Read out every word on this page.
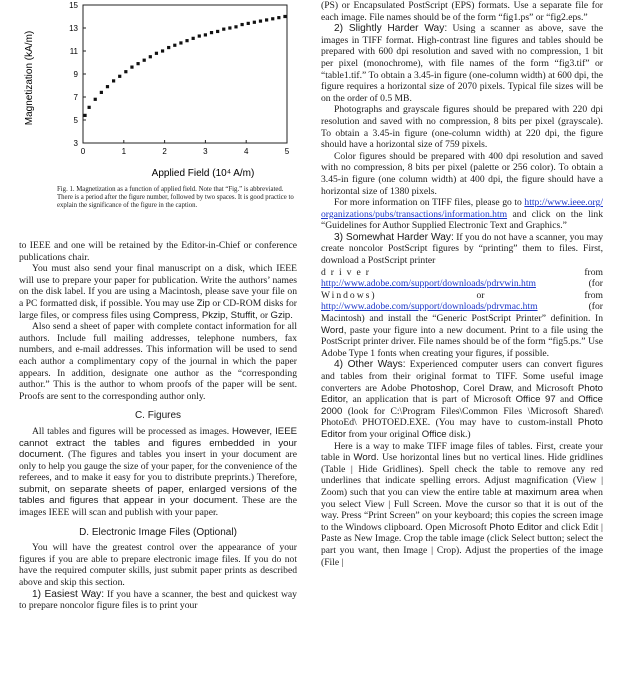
0	1	2	3	4	5
3
5
7
9
11
13
15
Magnetization (kA/m)
Applied Field (10⁴ A/m)
Fig. 1. Magnetization as a function of applied field. Note that “Fig.” is abbreviated. There is a period after the figure number, followed by two spaces. It is good practice to explain the significance of the figure in the caption.

to IEEE and one will be retained by the Editor-in-Chief or conference publications chair.

You must also send your final manuscript on a disk, which IEEE will use to prepare your paper for publication. Write the authors’ names on the disk label. If you are using a Macintosh, please save your file on a PC formatted disk, if possible. You may use Zip or CD-ROM disks for large files, or compress files using Compress, Pkzip, Stuffit, or Gzip.

Also send a sheet of paper with complete contact information for all authors. Include full mailing addresses, telephone numbers, fax numbers, and e-mail addresses. This information will be used to send each author a complimentary copy of the journal in which the paper appears. In addition, designate one author as the “corresponding author.” This is the author to whom proofs of the paper will be sent. Proofs are sent to the corresponding author only.

C. Figures

All tables and figures will be processed as images. However, IEEE cannot extract the tables and figures embedded in your document. (The figures and tables you insert in your document are only to help you gauge the size of your paper, for the convenience of the referees, and to make it easy for you to distribute preprints.) Therefore, submit, on separate sheets of paper, enlarged versions of the tables and figures that appear in your document. These are the images IEEE will scan and publish with your paper.

D. Electronic Image Files (Optional)

You will have the greatest control over the appearance of your figures if you are able to prepare electronic image files. If you do not have the required computer skills, just submit paper prints as described above and skip this section.

1) Easiest Way: If you have a scanner, the best and quickest way to prepare noncolor figure files is to print your

(PS) or Encapsulated PostScript (EPS) formats. Use a separate file for each image. File names should be of the form “fig1.ps” or “fig2.eps.”

2) Slightly Harder Way: Using a scanner as above, save the images in TIFF format. High-contrast line figures and tables should be prepared with 600 dpi resolution and saved with no compression, 1 bit per pixel (monochrome), with file names of the form “fig3.tif” or “table1.tif.” To obtain a 3.45-in figure (one-column width) at 600 dpi, the figure requires a horizontal size of 2070 pixels. Typical file sizes will be on the order of 0.5 MB.

Photographs and grayscale figures should be prepared with 220 dpi resolution and saved with no compression, 8 bits per pixel (grayscale). To obtain a 3.45-in figure (one-column width) at 220 dpi, the figure should have a horizontal size of 759 pixels.

Color figures should be prepared with 400 dpi resolution and saved with no compression, 8 bits per pixel (palette or 256 color). To obtain a 3.45-in figure (one column width) at 400 dpi, the figure should have a horizontal size of 1380 pixels.

For more information on TIFF files, please go to http://www.ieee.org/organizations/pubs/transactions/information.htm and click on the link “Guidelines for Author Supplied Electronic Text and Graphics.”

3) Somewhat Harder Way: If you do not have a scanner, you may create noncolor PostScript figures by “printing” them to files. First, download a PostScript printer

driver	from
http://www.adobe.com/support/downloads/pdrvwin.htm	(for
Windows)	or	from
http://www.adobe.com/support/downloads/pdrvmac.htm	(for

Macintosh) and install the “Generic PostScript Printer” definition. In Word, paste your figure into a new document. Print to a file using the PostScript printer driver. File names should be of the form “fig5.ps.” Use Adobe Type 1 fonts when creating your figures, if possible.

4) Other Ways: Experienced computer users can convert figures and tables from their original format to TIFF. Some useful image converters are Adobe Photoshop, Corel Draw, and Microsoft Photo Editor, an application that is part of Microsoft Office 97 and Office 2000 (look for C:\Program Files\Common Files \Microsoft Shared\ PhotoEd\ PHOTOED.EXE. (You may have to custom-install Photo Editor from your original Office disk.)

Here is a way to make TIFF image files of tables. First, create your table in Word. Use horizontal lines but no vertical lines. Hide gridlines (Table | Hide Gridlines). Spell check the table to remove any red underlines that indicate spelling errors. Adjust magnification (View | Zoom) such that you can view the entire table at maximum area when you select View | Full Screen. Move the cursor so that it is out of the way. Press “Print Screen” on your keyboard; this copies the screen image to the Windows clipboard. Open Microsoft Photo Editor and click Edit | Paste as New Image. Crop the table image (click Select button; select the part you want, then Image | Crop). Adjust the properties of the image (File |
